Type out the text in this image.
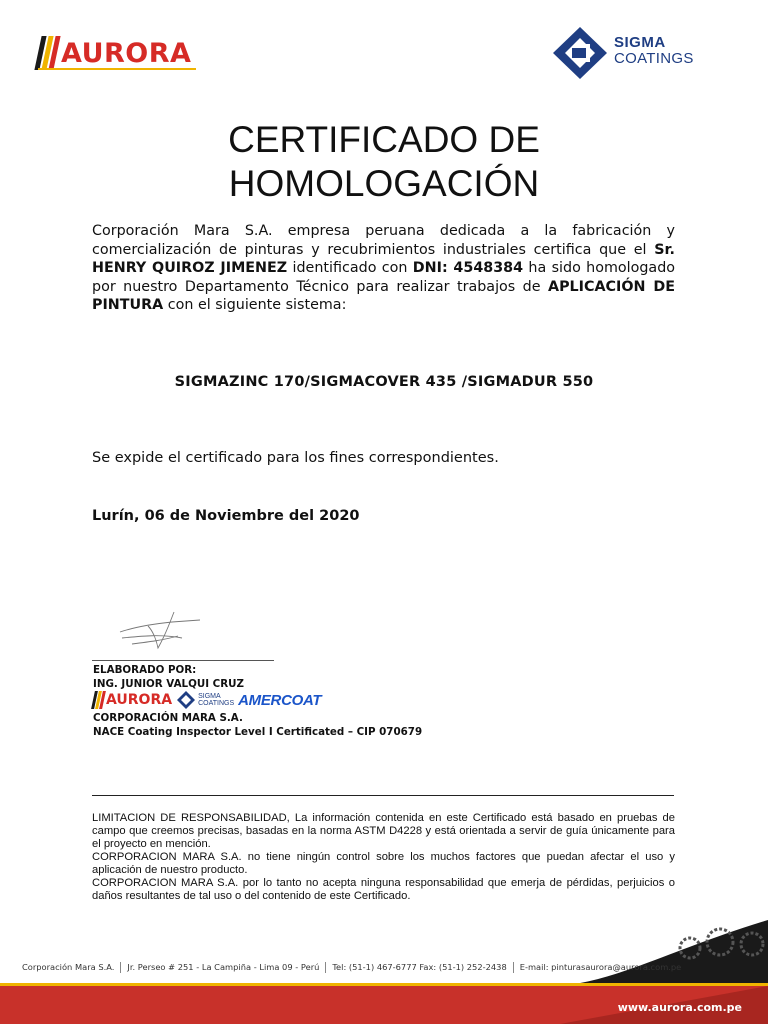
AURORA	SIGMA
COATINGS
CERTIFICADO DE
HOMOLOGACIÓN
Corporación Mara S.A. empresa peruana dedicada a la fabricación y comercialización de pinturas y recubrimientos industriales certifica que el Sr. HENRY QUIROZ JIMENEZ identificado con DNI: 4548384 ha sido homologado por nuestro Departamento Técnico para realizar trabajos de APLICACIÓN DE PINTURA con el siguiente sistema:
SIGMAZINC 170/SIGMACOVER 435 /SIGMADUR 550
Se expide el certificado para los fines correspondientes.
Lurín, 06 de Noviembre del 2020
ELABORADO POR:
ING. JUNIOR VALQUI CRUZ
AURORA	SIGMA
COATINGS AMERCOAT
CORPORACIÓN MARA S.A.
NACE Coating Inspector Level I Certificated – CIP 070679

LIMITACION DE RESPONSABILIDAD, La información contenida en este Certificado está basado en pruebas de campo que creemos precisas, basadas en la norma ASTM D4228 y está orientada a servir de guía únicamente para el proyecto en mención.

CORPORACION MARA S.A. no tiene ningún control sobre los muchos factores que puedan afectar el uso y aplicación de nuestro producto.

CORPORACION MARA S.A. por lo tanto no acepta ninguna responsabilidad que emerja de pérdidas, perjuicios o daños resultantes de tal uso o del contenido de este Certificado.

Corporación Mara S.A. Jr. Perseo # 251 - La Campiña - Lima 09 - Perú Tel: (51-1) 467-6777 Fax: (51-1) 252-2438 E-mail: pinturasaurora@aurora.com.pe
www.aurora.com.pe
